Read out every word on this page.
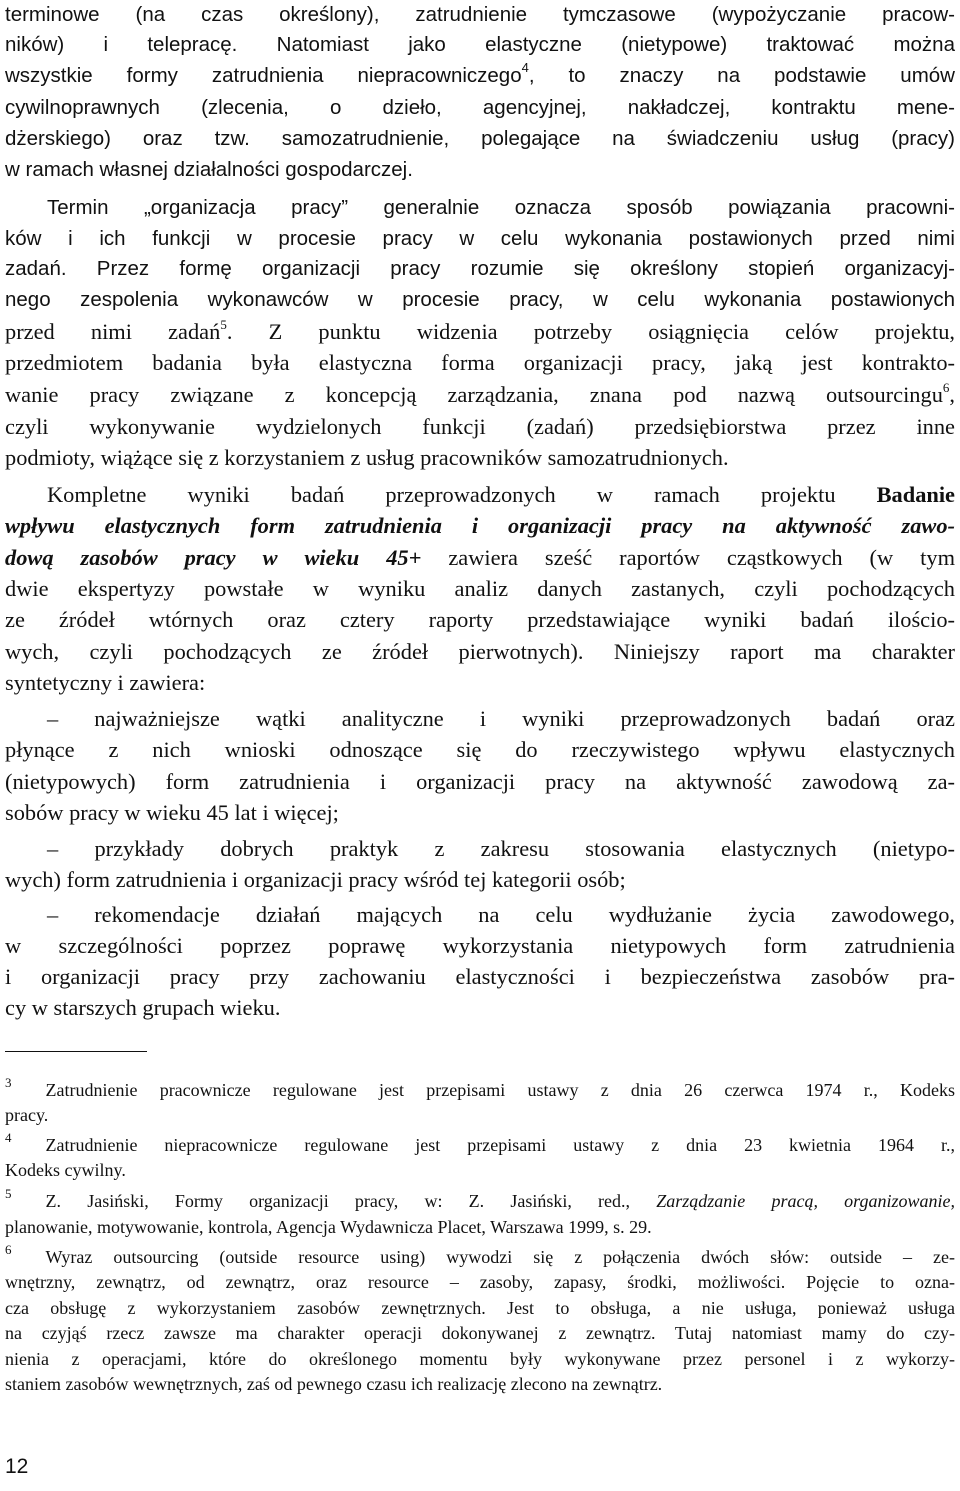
terminowe (na czas określony), zatrudnienie tymczasowe (wypożyczanie pracow-

ników) i telepracę. Natomiast jako elastyczne (nietypowe) traktować można

wszystkie formy zatrudnienia niepracowniczego$^4$, to znaczy na podstawie umów

cywilnoprawnych (zlecenia, o dzieło, agencyjnej, nakładczej, kontraktu mene-

dżerskiego) oraz tzw. samozatrudnienie, polegające na świadczeniu usług (pracy)

w ramach własnej działalności gospodarczej.

Termin „organizacja pracy” generalnie oznacza sposób powiązania pracowni-

ków i ich funkcji w procesie pracy w celu wykonania postawionych przed nimi

zadań. Przez formę organizacji pracy rozumie się określony stopień organizacyj-

nego zespolenia wykonawców w procesie pracy, w celu wykonania postawionych

przed nimi zadań$^5$. Z punktu widzenia potrzeby osiągnięcia celów projektu,

przedmiotem badania była elastyczna forma organizacji pracy, jaką jest kontrakto-

wanie pracy związane z koncepcją zarządzania, znana pod nazwą outsourcingu$^6$,

czyli wykonywanie wydzielonych funkcji (zadań) przedsiębiorstwa przez inne

podmioty, wiążące się z korzystaniem z usług pracowników samozatrudnionych.

Kompletne wyniki badań przeprowadzonych w ramach projektu Badanie

wpływu elastycznych form zatrudnienia i organizacji pracy na aktywność zawo-

dową zasobów pracy w wieku 45+ zawiera sześć raportów cząstkowych (w tym

dwie ekspertyzy powstałe w wyniku analiz danych zastanych, czyli pochodzących

ze źródeł wtórnych oraz cztery raporty przedstawiające wyniki badań ilościo-

wych, czyli pochodzących ze źródeł pierwotnych). Niniejszy raport ma charakter

syntetyczny i zawiera:

– najważniejsze wątki analityczne i wyniki przeprowadzonych badań oraz

płynące z nich wnioski odnoszące się do rzeczywistego wpływu elastycznych

(nietypowych) form zatrudnienia i organizacji pracy na aktywność zawodową za-

sobów pracy w wieku 45 lat i więcej;

– przykłady dobrych praktyk z zakresu stosowania elastycznych (nietypo-

wych) form zatrudnienia i organizacji pracy wśród tej kategorii osób;

– rekomendacje działań mających na celu wydłużanie życia zawodowego,

w szczególności poprzez poprawę wykorzystania nietypowych form zatrudnienia

i organizacji pracy przy zachowaniu elastyczności i bezpieczeństwa zasobów pra-

cy w starszych grupach wieku.

$^3$ Zatrudnienie pracownicze regulowane jest przepisami ustawy z dnia 26 czerwca 1974 r., Kodeks

pracy.

$^4$ Zatrudnienie niepracownicze regulowane jest przepisami ustawy z dnia 23 kwietnia 1964 r.,

Kodeks cywilny.

$^5$ Z. Jasiński, Formy organizacji pracy, w: Z. Jasiński, red., Zarządzanie pracą, organizowanie,

planowanie, motywowanie, kontrola, Agencja Wydawnicza Placet, Warszawa 1999, s. 29.

$^6$ Wyraz outsourcing (outside resource using) wywodzi się z połączenia dwóch słów: outside – ze-

wnętrzny, zewnątrz, od zewnątrz, oraz resource – zasoby, zapasy, środki, możliwości. Pojęcie to ozna-

cza obsługę z wykorzystaniem zasobów zewnętrznych. Jest to obsługa, a nie usługa, ponieważ usługa

na czyjąś rzecz zawsze ma charakter operacji dokonywanej z zewnątrz. Tutaj natomiast mamy do czy-

nienia z operacjami, które do określonego momentu były wykonywane przez personel i z wykorzy-

staniem zasobów wewnętrznych, zaś od pewnego czasu ich realizację zlecono na zewnątrz.

12
